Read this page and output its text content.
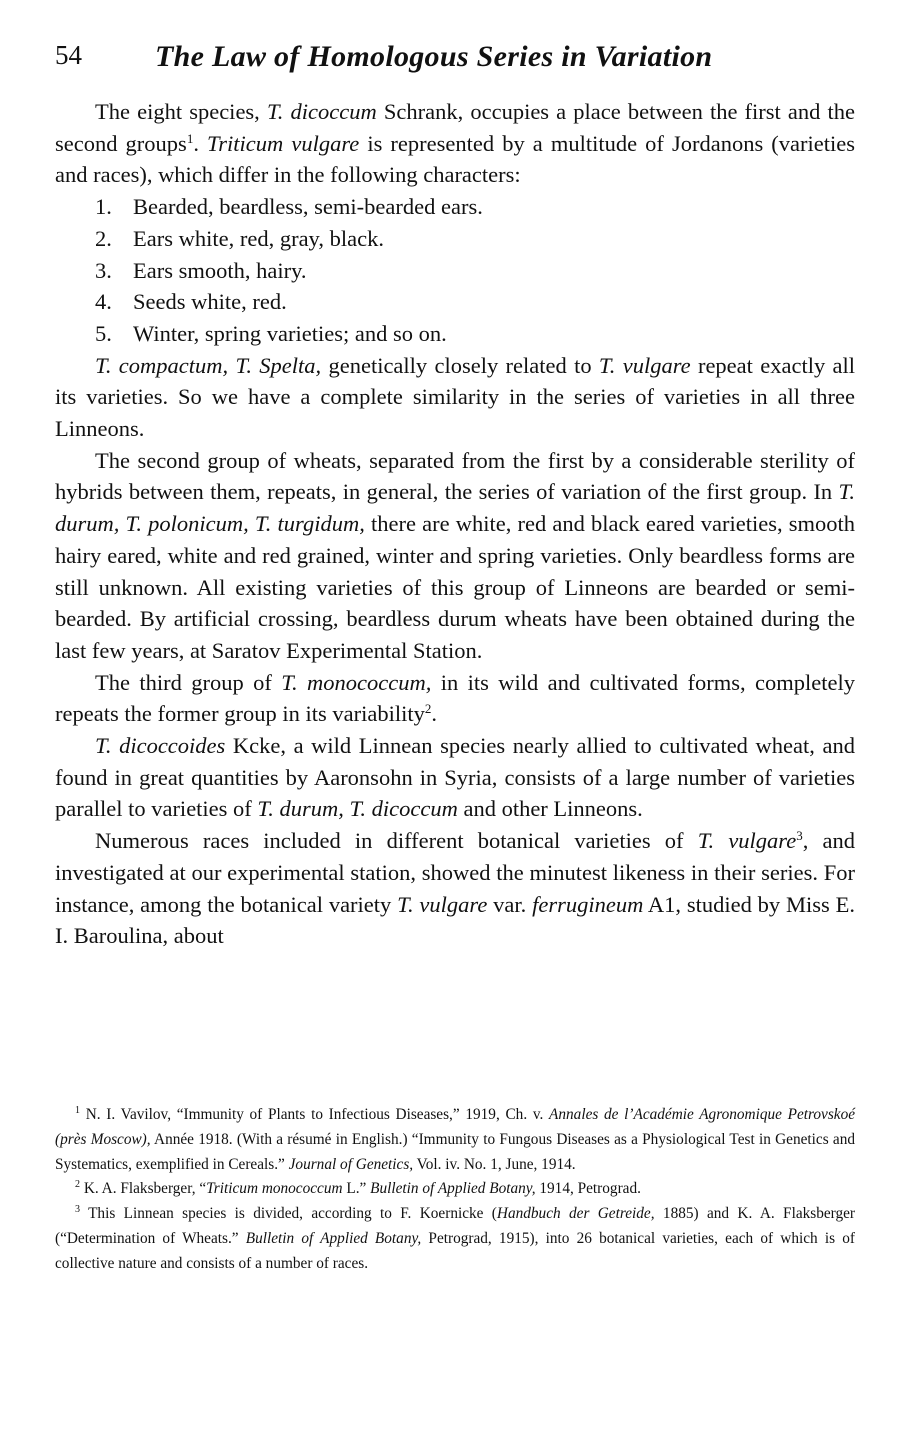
54 The Law of Homologous Series in Variation

The eight species, T. dicoccum Schrank, occupies a place between the first and the second groups$^1$. Triticum vulgare is represented by a multitude of Jordanons (varieties and races), which differ in the following characters:

1. Bearded, beardless, semi-bearded ears.
2. Ears white, red, gray, black.
3. Ears smooth, hairy.
4. Seeds white, red.
5. Winter, spring varieties; and so on.

T. compactum, T. Spelta, genetically closely related to T. vulgare repeat exactly all its varieties. So we have a complete similarity in the series of varieties in all three Linneons.

The second group of wheats, separated from the first by a considerable sterility of hybrids between them, repeats, in general, the series of variation of the first group. In T. durum, T. polonicum, T. turgidum, there are white, red and black eared varieties, smooth hairy eared, white and red grained, winter and spring varieties. Only beardless forms are still unknown. All existing varieties of this group of Linneons are bearded or semi-bearded. By artificial crossing, beardless durum wheats have been obtained during the last few years, at Saratov Experimental Station.

The third group of T. monococcum, in its wild and cultivated forms, completely repeats the former group in its variability$^2$.

T. dicoccoides Kcke, a wild Linnean species nearly allied to cultivated wheat, and found in great quantities by Aaronsohn in Syria, consists of a large number of varieties parallel to varieties of T. durum, T. dicoccum and other Linneons.

Numerous races included in different botanical varieties of T. vulgare$^3$, and investigated at our experimental station, showed the minutest likeness in their series. For instance, among the botanical variety T. vulgare var. ferrugineum A1, studied by Miss E. I. Baroulina, about

$^1$ N. I. Vavilov, “Immunity of Plants to Infectious Diseases,” 1919, Ch. v. Annales de l’Académie Agronomique Petrovskoé (près Moscow), Année 1918. (With a résumé in English.) “Immunity to Fungous Diseases as a Physiological Test in Genetics and Systematics, exemplified in Cereals.” Journal of Genetics, Vol. iv. No. 1, June, 1914.

$^2$ K. A. Flaksberger, “Triticum monococcum L.” Bulletin of Applied Botany, 1914, Petrograd.

$^3$ This Linnean species is divided, according to F. Koernicke (Handbuch der Getreide, 1885) and K. A. Flaksberger (“Determination of Wheats.” Bulletin of Applied Botany, Petrograd, 1915), into 26 botanical varieties, each of which is of collective nature and consists of a number of races.
